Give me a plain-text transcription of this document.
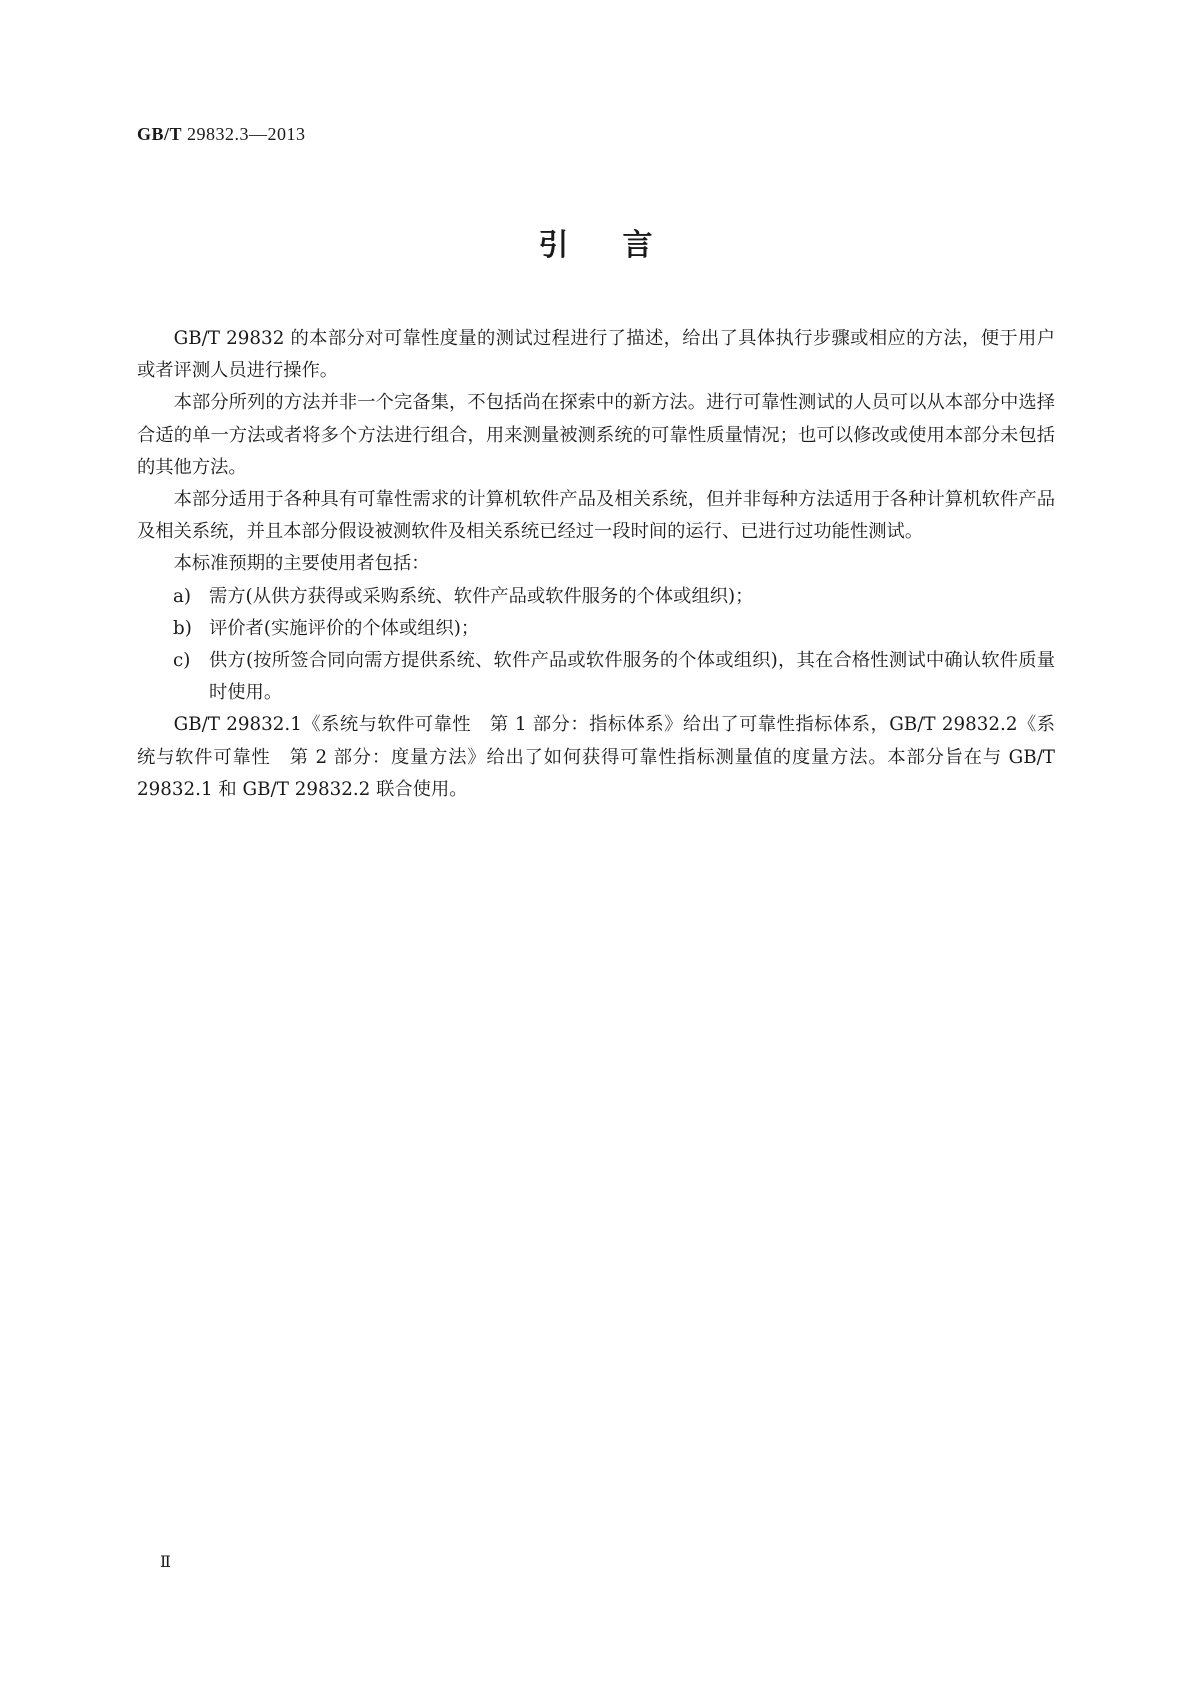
GB/T 29832.3—2013
引言

GB/T 29832 的本部分对可靠性度量的测试过程进行了描述，给出了具体执行步骤或相应的方法，便于用户或者评测人员进行操作。

本部分所列的方法并非一个完备集，不包括尚在探索中的新方法。进行可靠性测试的人员可以从本部分中选择合适的单一方法或者将多个方法进行组合，用来测量被测系统的可靠性质量情况；也可以修改或使用本部分未包括的其他方法。

本部分适用于各种具有可靠性需求的计算机软件产品及相关系统，但并非每种方法适用于各种计算机软件产品及相关系统，并且本部分假设被测软件及相关系统已经过一段时间的运行、已进行过功能性测试。

本标准预期的主要使用者包括：

a) 需方(从供方获得或采购系统、软件产品或软件服务的个体或组织)；
b) 评价者(实施评价的个体或组织)；
c)	供方(按所签合同向需方提供系统、软件产品或软件服务的个体或组织)，其在合格性测试中确认软件质量时使用。

GB/T 29832.1《系统与软件可靠性　第 1 部分：指标体系》给出了可靠性指标体系，GB/T 29832.2《系统与软件可靠性　第 2 部分：度量方法》给出了如何获得可靠性指标测量值的度量方法。本部分旨在与 GB/T 29832.1 和 GB/T 29832.2 联合使用。

Ⅱ
